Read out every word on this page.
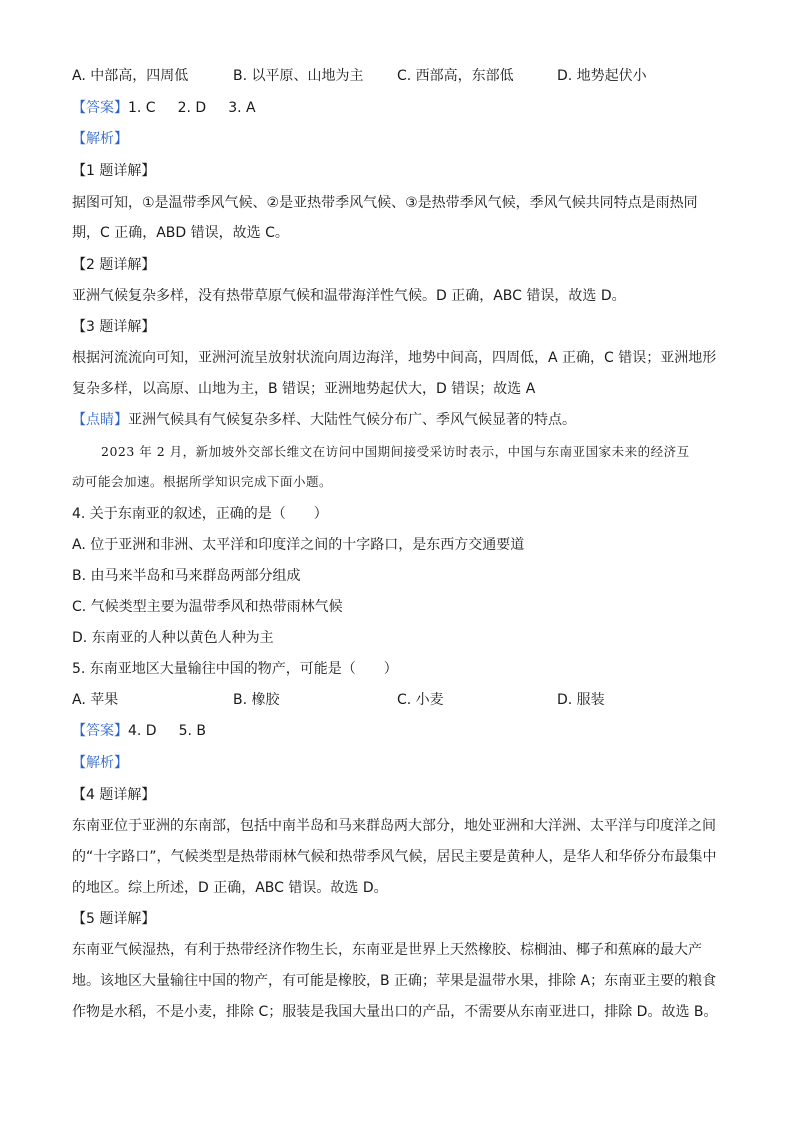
A. 中部高，四周低	B. 以平原、山地为主 C. 西部高，东部低	D. 地势起伏小
【答案】1. C 2. D 3. A
【解析】
【1 题详解】
据图可知，①是温带季风气候、②是亚热带季风气候、③是热带季风气候，季风气候共同特点是雨热同
期，C 正确，ABD 错误，故选 C。
【2 题详解】
亚洲气候复杂多样，没有热带草原气候和温带海洋性气候。D 正确，ABC 错误，故选 D。
【3 题详解】
根据河流流向可知，亚洲河流呈放射状流向周边海洋，地势中间高，四周低，A 正确，C 错误；亚洲地形
复杂多样，以高原、山地为主，B 错误；亚洲地势起伏大，D 错误；故选 A
【点睛】亚洲气候具有气候复杂多样、大陆性气候分布广、季风气候显著的特点。
2023 年 2 月，新加坡外交部长维文在访问中国期间接受采访时表示，中国与东南亚国家未来的经济互
动可能会加速。根据所学知识完成下面小题。
4. 关于东南亚的叙述，正确的是（　　）
A. 位于亚洲和非洲、太平洋和印度洋之间的十字路口，是东西方交通要道
B. 由马来半岛和马来群岛两部分组成
C. 气候类型主要为温带季风和热带雨林气候
D. 东南亚的人种以黄色人种为主
5. 东南亚地区大量输往中国的物产，可能是（　　）
A. 苹果	B. 橡胶	C. 小麦	D. 服装
【答案】4. D 5. B
【解析】
【4 题详解】
东南亚位于亚洲的东南部，包括中南半岛和马来群岛两大部分，地处亚洲和大洋洲、太平洋与印度洋之间
的“十字路口”，气候类型是热带雨林气候和热带季风气候，居民主要是黄种人，是华人和华侨分布最集中
的地区。综上所述，D 正确，ABC 错误。故选 D。
【5 题详解】
东南亚气候湿热，有利于热带经济作物生长，东南亚是世界上天然橡胶、棕榈油、椰子和蕉麻的最大产
地。该地区大量输往中国的物产，有可能是橡胶，B 正确；苹果是温带水果，排除 A；东南亚主要的粮食
作物是水稻，不是小麦，排除 C；服装是我国大量出口的产品，不需要从东南亚进口，排除 D。故选 B。
